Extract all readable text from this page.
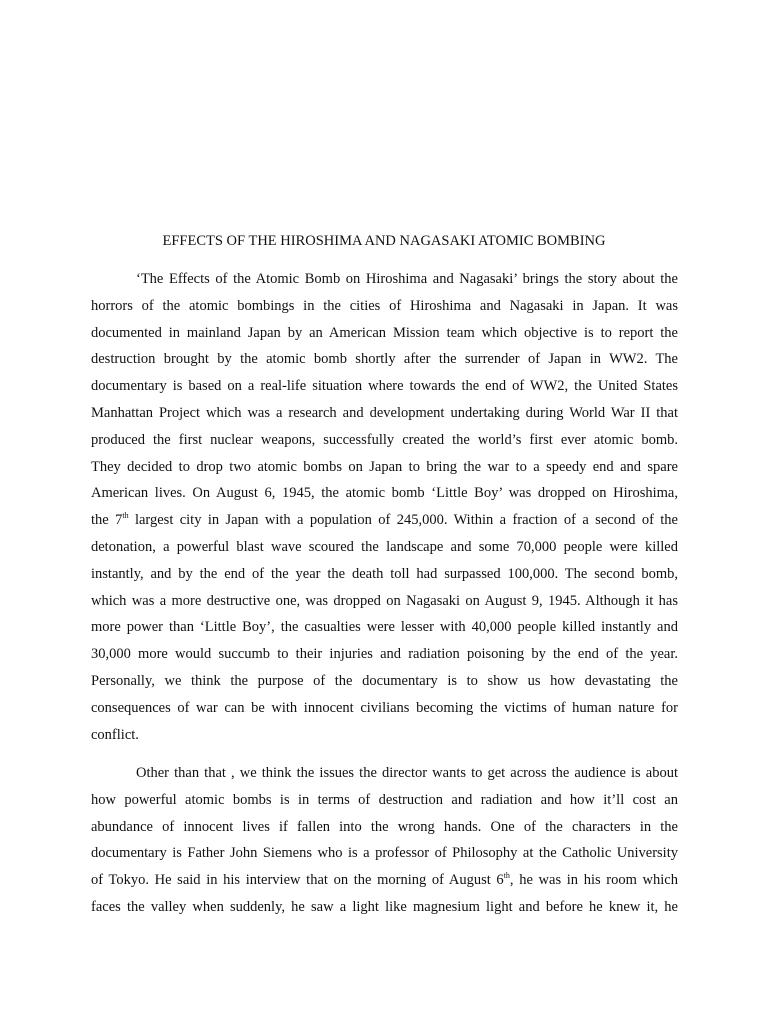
EFFECTS OF THE HIROSHIMA AND NAGASAKI ATOMIC BOMBING

‘The Effects of the Atomic Bomb on Hiroshima and Nagasaki’ brings the story about the
horrors of the atomic bombings in the cities of Hiroshima and Nagasaki in Japan. It was
documented in mainland Japan by an American Mission team which objective is to report the
destruction brought by the atomic bomb shortly after the surrender of Japan in WW2. The
documentary is based on a real-life situation where towards the end of WW2, the United States
Manhattan Project which was a research and development undertaking during World War II that
produced the first nuclear weapons, successfully created the world’s first ever atomic bomb.
They decided to drop two atomic bombs on Japan to bring the war to a speedy end and spare
American lives. On August 6, 1945, the atomic bomb ‘Little Boy’ was dropped on Hiroshima,
the 7th largest city in Japan with a population of 245,000. Within a fraction of a second of the
detonation, a powerful blast wave scoured the landscape and some 70,000 people were killed
instantly, and by the end of the year the death toll had surpassed 100,000. The second bomb,
which was a more destructive one, was dropped on Nagasaki on August 9, 1945. Although it has
more power than ‘Little Boy’, the casualties were lesser with 40,000 people killed instantly and
30,000 more would succumb to their injuries and radiation poisoning by the end of the year.
Personally, we think the purpose of the documentary is to show us how devastating the
consequences of war can be with innocent civilians becoming the victims of human nature for
conflict.

Other than that , we think the issues the director wants to get across the audience is about
how powerful atomic bombs is in terms of destruction and radiation and how it’ll cost an
abundance of innocent lives if fallen into the wrong hands. One of the characters in the
documentary is Father John Siemens who is a professor of Philosophy at the Catholic University
of Tokyo. He said in his interview that on the morning of August 6th, he was in his room which
faces the valley when suddenly, he saw a light like magnesium light and before he knew it, he
